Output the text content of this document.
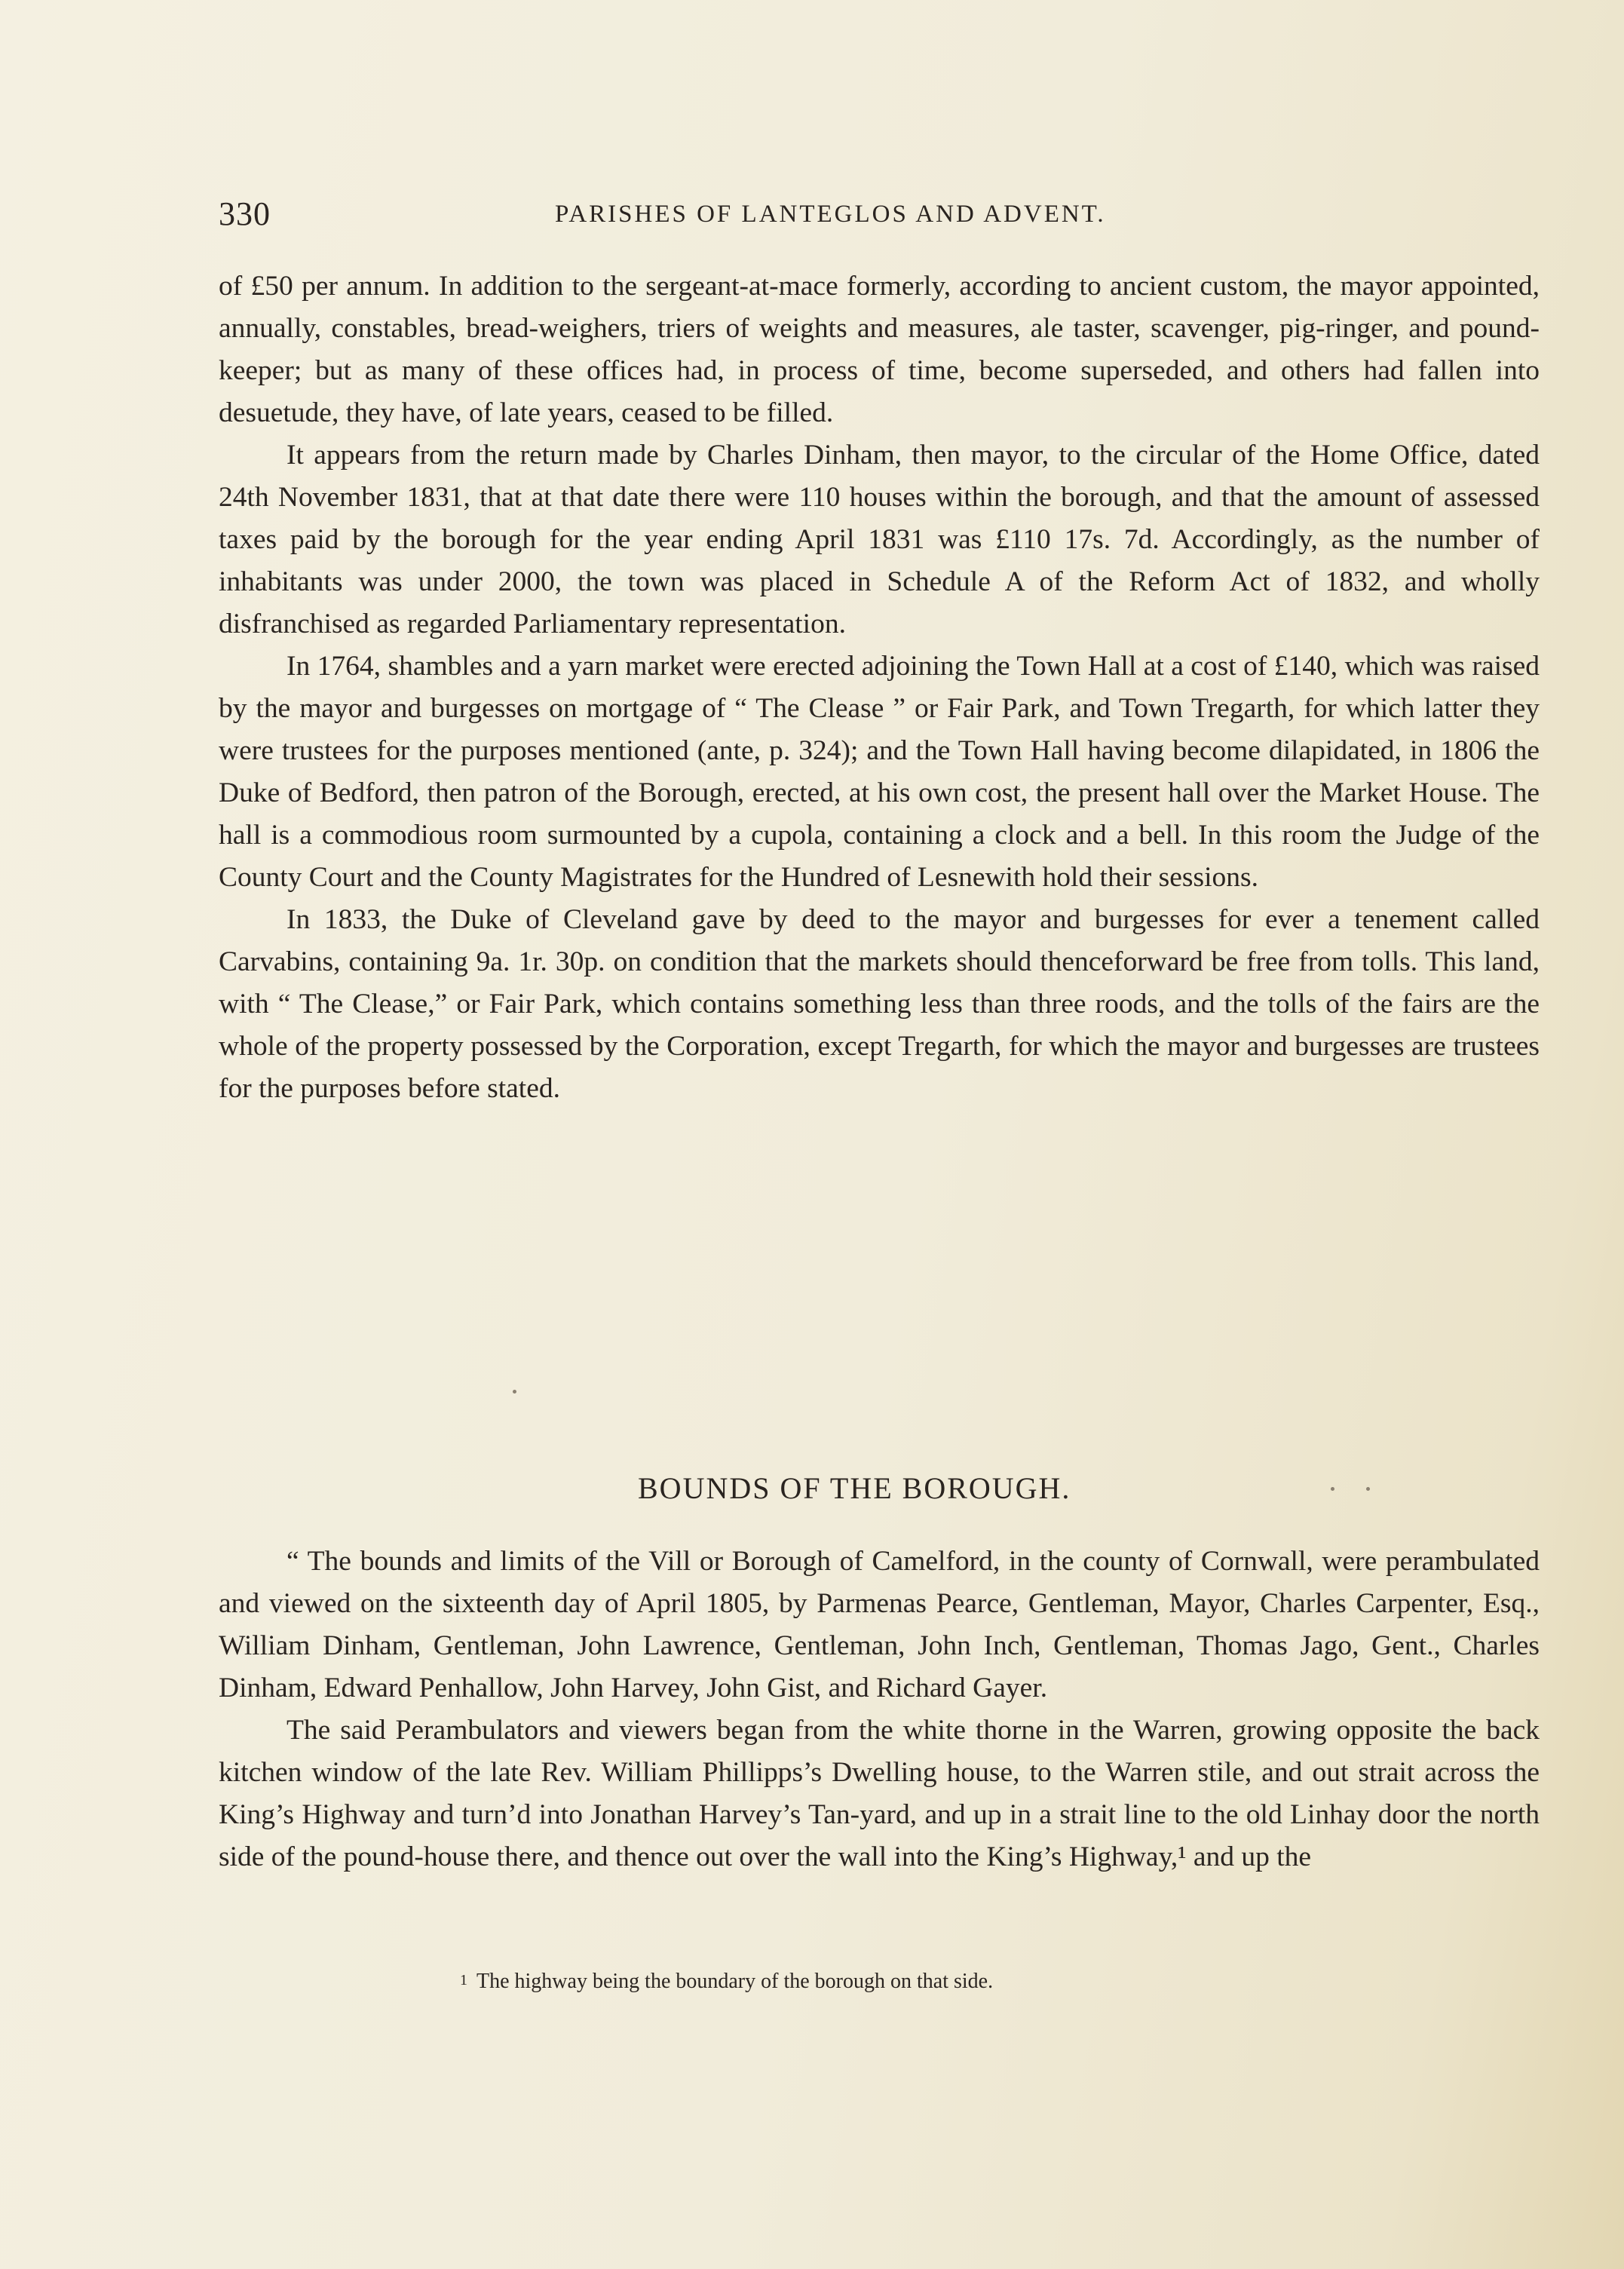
330	PARISHES OF LANTEGLOS AND ADVENT.

of £50 per annum. In addition to the sergeant-at-mace formerly, according to ancient custom, the mayor appointed, annually, constables, bread-weighers, triers of weights and measures, ale taster, scavenger, pig-ringer, and pound-keeper; but as many of these offices had, in process of time, become superseded, and others had fallen into desuetude, they have, of late years, ceased to be filled.

It appears from the return made by Charles Dinham, then mayor, to the circular of the Home Office, dated 24th November 1831, that at that date there were 110 houses within the borough, and that the amount of assessed taxes paid by the borough for the year ending April 1831 was £110 17s. 7d. Accordingly, as the number of inhabitants was under 2000, the town was placed in Schedule A of the Reform Act of 1832, and wholly disfranchised as regarded Parliamentary representation.

In 1764, shambles and a yarn market were erected adjoining the Town Hall at a cost of £140, which was raised by the mayor and burgesses on mortgage of “ The Clease ” or Fair Park, and Town Tregarth, for which latter they were trustees for the purposes mentioned (ante, p. 324); and the Town Hall having become dilapidated, in 1806 the Duke of Bedford, then patron of the Borough, erected, at his own cost, the present hall over the Market House. The hall is a commodious room surmounted by a cupola, containing a clock and a bell. In this room the Judge of the County Court and the County Magistrates for the Hundred of Lesnewith hold their sessions.

In 1833, the Duke of Cleveland gave by deed to the mayor and burgesses for ever a tenement called Carvabins, containing 9a. 1r. 30p. on condition that the markets should thenceforward be free from tolls. This land, with “ The Clease,” or Fair Park, which contains something less than three roods, and the tolls of the fairs are the whole of the property possessed by the Corporation, except Tregarth, for which the mayor and burgesses are trustees for the purposes before stated.

BOUNDS OF THE BOROUGH.

“ The bounds and limits of the Vill or Borough of Camelford, in the county of Cornwall, were perambulated and viewed on the sixteenth day of April 1805, by Parmenas Pearce, Gentleman, Mayor, Charles Carpenter, Esq., William Dinham, Gentleman, John Lawrence, Gentleman, John Inch, Gentleman, Thomas Jago, Gent., Charles Dinham, Edward Penhallow, John Harvey, John Gist, and Richard Gayer.

The said Perambulators and viewers began from the white thorne in the Warren, growing opposite the back kitchen window of the late Rev. William Phillipps’s Dwelling house, to the Warren stile, and out strait across the King’s Highway and turn’d into Jonathan Harvey’s Tan-yard, and up in a strait line to the old Linhay door the north side of the pound-house there, and thence out over the wall into the King’s Highway,¹ and up the

$^1$ The highway being the boundary of the borough on that side.
